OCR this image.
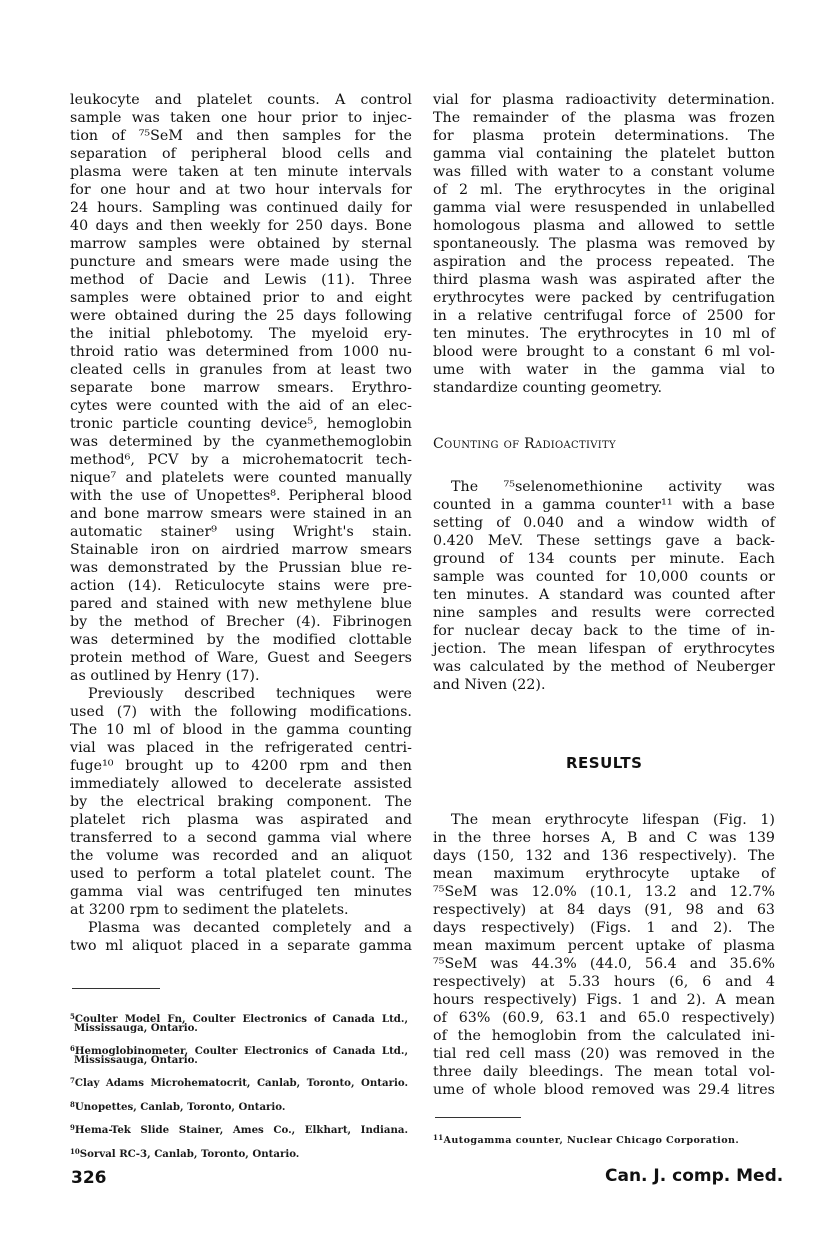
leukocyte and platelet counts. A control
sample was taken one hour prior to injec-
tion of ⁷⁵SeM and then samples for the
separation of peripheral blood cells and
plasma were taken at ten minute intervals
for one hour and at two hour intervals for
24 hours. Sampling was continued daily for
40 days and then weekly for 250 days. Bone
marrow samples were obtained by sternal
puncture and smears were made using the
method of Dacie and Lewis (11). Three
samples were obtained prior to and eight
were obtained during the 25 days following
the initial phlebotomy. The myeloid ery-
throid ratio was determined from 1000 nu-
cleated cells in granules from at least two
separate bone marrow smears. Erythro-
cytes were counted with the aid of an elec-
tronic particle counting device⁵, hemoglobin
was determined by the cyanmethemoglobin
method⁶, PCV by a microhematocrit tech-
nique⁷ and platelets were counted manually
with the use of Unopettes⁸. Peripheral blood
and bone marrow smears were stained in an
automatic stainer⁹ using Wright's stain.
Stainable iron on airdried marrow smears
was demonstrated by the Prussian blue re-
action (14). Reticulocyte stains were pre-
pared and stained with new methylene blue
by the method of Brecher (4). Fibrinogen
was determined by the modified clottable
protein method of Ware, Guest and Seegers
as outlined by Henry (17).
Previously described techniques were
used (7) with the following modifications.
The 10 ml of blood in the gamma counting
vial was placed in the refrigerated centri-
fuge¹⁰ brought up to 4200 rpm and then
immediately allowed to decelerate assisted
by the electrical braking component. The
platelet rich plasma was aspirated and
transferred to a second gamma vial where
the volume was recorded and an aliquot
used to perform a total platelet count. The
gamma vial was centrifuged ten minutes
at 3200 rpm to sediment the platelets.
Plasma was decanted completely and a
two ml aliquot placed in a separate gamma
$^5$Coulter Model Fn, Coulter Electronics of Canada Ltd.,
Mississauga, Ontario.
$^6$Hemoglobinometer, Coulter Electronics of Canada Ltd.,
Mississauga, Ontario.
$^7$Clay Adams Microhematocrit, Canlab, Toronto, Ontario.
$^8$Unopettes, Canlab, Toronto, Ontario.
$^9$Hema-Tek Slide Stainer, Ames Co., Elkhart, Indiana.
$^{10}$Sorval RC-3, Canlab, Toronto, Ontario.
326
vial for plasma radioactivity determination.
The remainder of the plasma was frozen
for plasma protein determinations. The
gamma vial containing the platelet button
was filled with water to a constant volume
of 2 ml. The erythrocytes in the original
gamma vial were resuspended in unlabelled
homologous plasma and allowed to settle
spontaneously. The plasma was removed by
aspiration and the process repeated. The
third plasma wash was aspirated after the
erythrocytes were packed by centrifugation
in a relative centrifugal force of 2500 for
ten minutes. The erythrocytes in 10 ml of
blood were brought to a constant 6 ml vol-
ume with water in the gamma vial to
standardize counting geometry.
Counting of Radioactivity
The ⁷⁵selenomethionine activity was
counted in a gamma counter¹¹ with a base
setting of 0.040 and a window width of
0.420 MeV. These settings gave a back-
ground of 134 counts per minute. Each
sample was counted for 10,000 counts or
ten minutes. A standard was counted after
nine samples and results were corrected
for nuclear decay back to the time of in-
jection. The mean lifespan of erythrocytes
was calculated by the method of Neuberger
and Niven (22).
RESULTS
The mean erythrocyte lifespan (Fig. 1)
in the three horses A, B and C was 139
days (150, 132 and 136 respectively). The
mean maximum erythrocyte uptake of
⁷⁵SeM was 12.0% (10.1, 13.2 and 12.7%
respectively) at 84 days (91, 98 and 63
days respectively) (Figs. 1 and 2). The
mean maximum percent uptake of plasma
⁷⁵SeM was 44.3% (44.0, 56.4 and 35.6%
respectively) at 5.33 hours (6, 6 and 4
hours respectively) Figs. 1 and 2). A mean
of 63% (60.9, 63.1 and 65.0 respectively)
of the hemoglobin from the calculated ini-
tial red cell mass (20) was removed in the
three daily bleedings. The mean total vol-
ume of whole blood removed was 29.4 litres
$^{11}$Autogamma counter, Nuclear Chicago Corporation.
Can. J. comp. Med.
